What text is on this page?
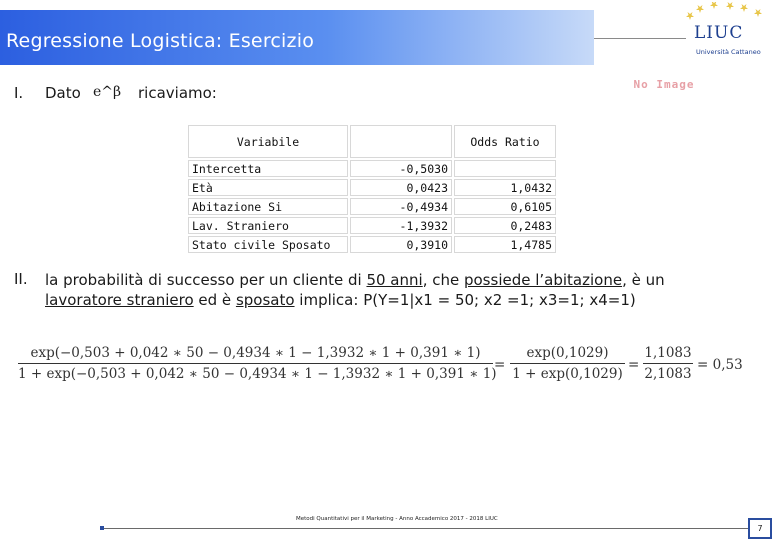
Regressione Logistica: Esercizio	LIUC
Università Cattaneo
No Image
I. Dato e^β ricaviamo:
Variabile		Odds Ratio
Intercetta	-0,5030	
Età	0,0423	1,0432
Abitazione Si	-0,4934	0,6105
Lav. Straniero	-1,3932	0,2483
Stato civile Sposato	0,3910	1,4785
II. la probabilità di successo per un cliente di 50 anni, che possiede l’abitazione, è un
lavoratore straniero ed è sposato implica: P(Y=1|x1 = 50; x2 =1; x3=1; x4=1)
exp(−0,503 + 0,042 ∗ 50 − 0,4934 ∗ 1 − 1,3932 ∗ 1 + 0,391 ∗ 1)
1 + exp(−0,503 + 0,042 ∗ 50 − 0,4934 ∗ 1 − 1,3932 ∗ 1 + 0,391 ∗ 1)
=
exp(0,1029)
1 + exp(0,1029)
=
1,1083
2,1083
= 0,53
Metodi Quantitativi per il Marketing - Anno Accademico 2017 - 2018 LIUC
7
